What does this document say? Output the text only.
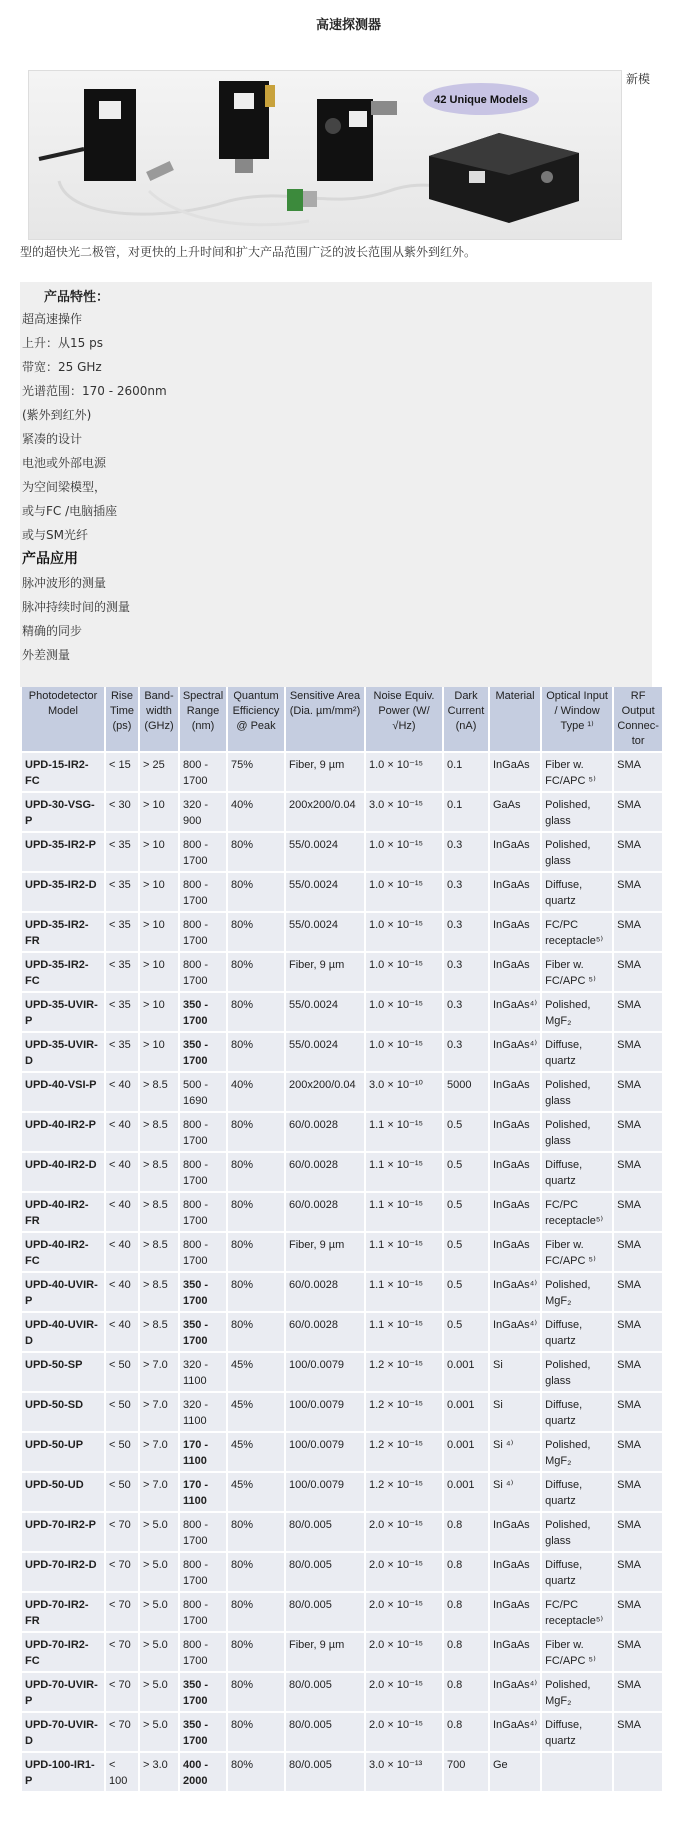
高速探测器
42 Unique Models
新模
型的超快光二极管，对更快的上升时间和扩大产品范围广泛的波长范围从紫外到红外。
产品特性：
超高速操作
上升：从15 ps
带宽：25 GHz
光谱范围：170 - 2600nm
(紫外到红外)
紧凑的设计
电池或外部电源
为空间梁模型，
或与FC /电脑插座
或与SM光纤
产品应用
脉冲波形的测量
脉冲持续时间的测量
精确的同步
外差测量
Photodetector Model	Rise Time (ps)	Band-width (GHz)	Spectral Range (nm)	Quantum Efficiency @ Peak	Sensitive Area (Dia. µm/mm²)	Noise Equiv. Power (W/ √Hz)	Dark Current (nA)	Material	Optical Input / Window Type ¹⁾	RF Output Connec-tor
UPD-15-IR2-FC	< 15	> 25	800 - 1700	75%	Fiber, 9 µm	1.0 × 10⁻¹⁵	0.1	InGaAs	Fiber w. FC/APC ⁵⁾	SMA
UPD-30-VSG-P	< 30	> 10	320 - 900	40%	200x200/0.04	3.0 × 10⁻¹⁵	0.1	GaAs	Polished, glass	SMA
UPD-35-IR2-P	< 35	> 10	800 - 1700	80%	55/0.0024	1.0 × 10⁻¹⁵	0.3	InGaAs	Polished, glass	SMA
UPD-35-IR2-D	< 35	> 10	800 - 1700	80%	55/0.0024	1.0 × 10⁻¹⁵	0.3	InGaAs	Diffuse, quartz	SMA
UPD-35-IR2-FR	< 35	> 10	800 - 1700	80%	55/0.0024	1.0 × 10⁻¹⁵	0.3	InGaAs	FC/PC receptacle⁵⁾	SMA
UPD-35-IR2-FC	< 35	> 10	800 - 1700	80%	Fiber, 9 µm	1.0 × 10⁻¹⁵	0.3	InGaAs	Fiber w. FC/APC ⁵⁾	SMA
UPD-35-UVIR-P	< 35	> 10	350 - 1700	80%	55/0.0024	1.0 × 10⁻¹⁵	0.3	InGaAs⁴⁾	Polished, MgF₂	SMA
UPD-35-UVIR-D	< 35	> 10	350 - 1700	80%	55/0.0024	1.0 × 10⁻¹⁵	0.3	InGaAs⁴⁾	Diffuse, quartz	SMA
UPD-40-VSI-P	< 40	> 8.5	500 - 1690	40%	200x200/0.04	3.0 × 10⁻¹⁰	5000	InGaAs	Polished, glass	SMA
UPD-40-IR2-P	< 40	> 8.5	800 - 1700	80%	60/0.0028	1.1 × 10⁻¹⁵	0.5	InGaAs	Polished, glass	SMA
UPD-40-IR2-D	< 40	> 8.5	800 - 1700	80%	60/0.0028	1.1 × 10⁻¹⁵	0.5	InGaAs	Diffuse, quartz	SMA
UPD-40-IR2-FR	< 40	> 8.5	800 - 1700	80%	60/0.0028	1.1 × 10⁻¹⁵	0.5	InGaAs	FC/PC receptacle⁵⁾	SMA
UPD-40-IR2-FC	< 40	> 8.5	800 - 1700	80%	Fiber, 9 µm	1.1 × 10⁻¹⁵	0.5	InGaAs	Fiber w. FC/APC ⁵⁾	SMA
UPD-40-UVIR-P	< 40	> 8.5	350 - 1700	80%	60/0.0028	1.1 × 10⁻¹⁵	0.5	InGaAs⁴⁾	Polished, MgF₂	SMA
UPD-40-UVIR-D	< 40	> 8.5	350 - 1700	80%	60/0.0028	1.1 × 10⁻¹⁵	0.5	InGaAs⁴⁾	Diffuse, quartz	SMA
UPD-50-SP	< 50	> 7.0	320 - 1100	45%	100/0.0079	1.2 × 10⁻¹⁵	0.001	Si	Polished, glass	SMA
UPD-50-SD	< 50	> 7.0	320 - 1100	45%	100/0.0079	1.2 × 10⁻¹⁵	0.001	Si	Diffuse, quartz	SMA
UPD-50-UP	< 50	> 7.0	170 - 1100	45%	100/0.0079	1.2 × 10⁻¹⁵	0.001	Si ⁴⁾	Polished, MgF₂	SMA
UPD-50-UD	< 50	> 7.0	170 - 1100	45%	100/0.0079	1.2 × 10⁻¹⁵	0.001	Si ⁴⁾	Diffuse, quartz	SMA
UPD-70-IR2-P	< 70	> 5.0	800 - 1700	80%	80/0.005	2.0 × 10⁻¹⁵	0.8	InGaAs	Polished, glass	SMA
UPD-70-IR2-D	< 70	> 5.0	800 - 1700	80%	80/0.005	2.0 × 10⁻¹⁵	0.8	InGaAs	Diffuse, quartz	SMA
UPD-70-IR2-FR	< 70	> 5.0	800 - 1700	80%	80/0.005	2.0 × 10⁻¹⁵	0.8	InGaAs	FC/PC receptacle⁵⁾	SMA
UPD-70-IR2-FC	< 70	> 5.0	800 - 1700	80%	Fiber, 9 µm	2.0 × 10⁻¹⁵	0.8	InGaAs	Fiber w. FC/APC ⁵⁾	SMA
UPD-70-UVIR-P	< 70	> 5.0	350 - 1700	80%	80/0.005	2.0 × 10⁻¹⁵	0.8	InGaAs⁴⁾	Polished, MgF₂	SMA
UPD-70-UVIR-D	< 70	> 5.0	350 - 1700	80%	80/0.005	2.0 × 10⁻¹⁵	0.8	InGaAs⁴⁾	Diffuse, quartz	SMA
UPD-100-IR1-P	< 100	> 3.0	400 - 2000	80%	80/0.005	3.0 × 10⁻¹³	700	Ge		
